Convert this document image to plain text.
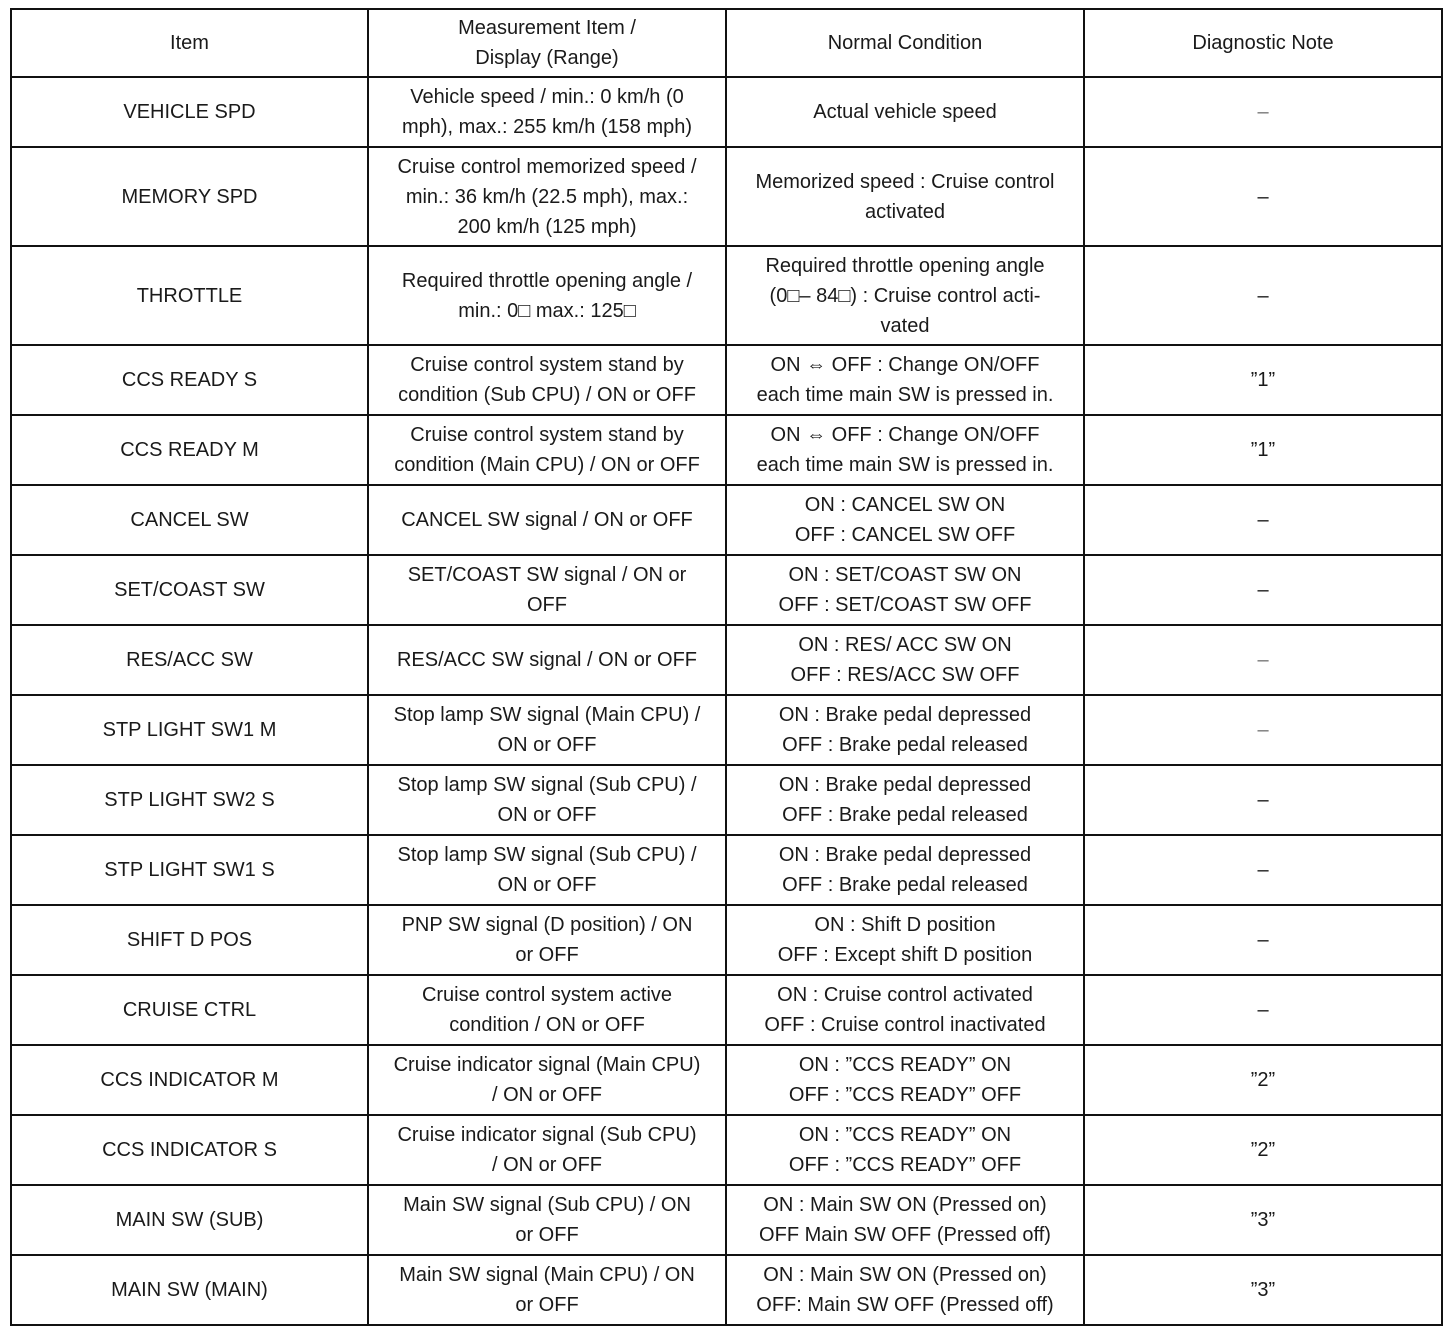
Item	Measurement Item /
Display (Range)	Normal Condition	Diagnostic Note

VEHICLE SPD	Vehicle speed / min.: 0 km/h (0
mph), max.: 255 km/h (158 mph)	Actual vehicle speed	–

MEMORY SPD	Cruise control memorized speed /
min.: 36 km/h (22.5 mph), max.:
200 km/h (125 mph)	Memorized speed : Cruise control
activated	–

THROTTLE	Required throttle opening angle /
min.: 0□ max.: 125□	Required throttle opening angle
(0□– 84□) : Cruise control acti-
vated	–

CCS READY S	Cruise control system stand by
condition (Sub CPU) / ON or OFF	ON ⇔ OFF : Change ON/OFF
each time main SW is pressed in.	”1”

CCS READY M	Cruise control system stand by
condition (Main CPU) / ON or OFF	ON ⇔ OFF : Change ON/OFF
each time main SW is pressed in.	”1”

CANCEL SW	CANCEL SW signal / ON or OFF	ON : CANCEL SW ON
OFF : CANCEL SW OFF	–

SET/COAST SW	SET/COAST SW signal / ON or
OFF	ON : SET/COAST SW ON
OFF : SET/COAST SW OFF	–

RES/ACC SW	RES/ACC SW signal / ON or OFF	ON : RES/ ACC SW ON
OFF : RES/ACC SW OFF	–

STP LIGHT SW1 M	Stop lamp SW signal (Main CPU) /
ON or OFF	ON : Brake pedal depressed
OFF : Brake pedal released	–

STP LIGHT SW2 S	Stop lamp SW signal (Sub CPU) /
ON or OFF	ON : Brake pedal depressed
OFF : Brake pedal released	–

STP LIGHT SW1 S	Stop lamp SW signal (Sub CPU) /
ON or OFF	ON : Brake pedal depressed
OFF : Brake pedal released	–

SHIFT D POS	PNP SW signal (D position) / ON
or OFF	ON : Shift D position
OFF : Except shift D position	–

CRUISE CTRL	Cruise control system active
condition / ON or OFF	ON : Cruise control activated
OFF : Cruise control inactivated	–

CCS INDICATOR M	Cruise indicator signal (Main CPU)
/ ON or OFF	ON : ”CCS READY” ON
OFF : ”CCS READY” OFF	”2”

CCS INDICATOR S	Cruise indicator signal (Sub CPU)
/ ON or OFF	ON : ”CCS READY” ON
OFF : ”CCS READY” OFF	”2”

MAIN SW (SUB)	Main SW signal (Sub CPU) / ON
or OFF	ON : Main SW ON (Pressed on)
OFF Main SW OFF (Pressed off)	”3”

MAIN SW (MAIN)	Main SW signal (Main CPU) / ON
or OFF	ON : Main SW ON (Pressed on)
OFF: Main SW OFF (Pressed off)	”3”
